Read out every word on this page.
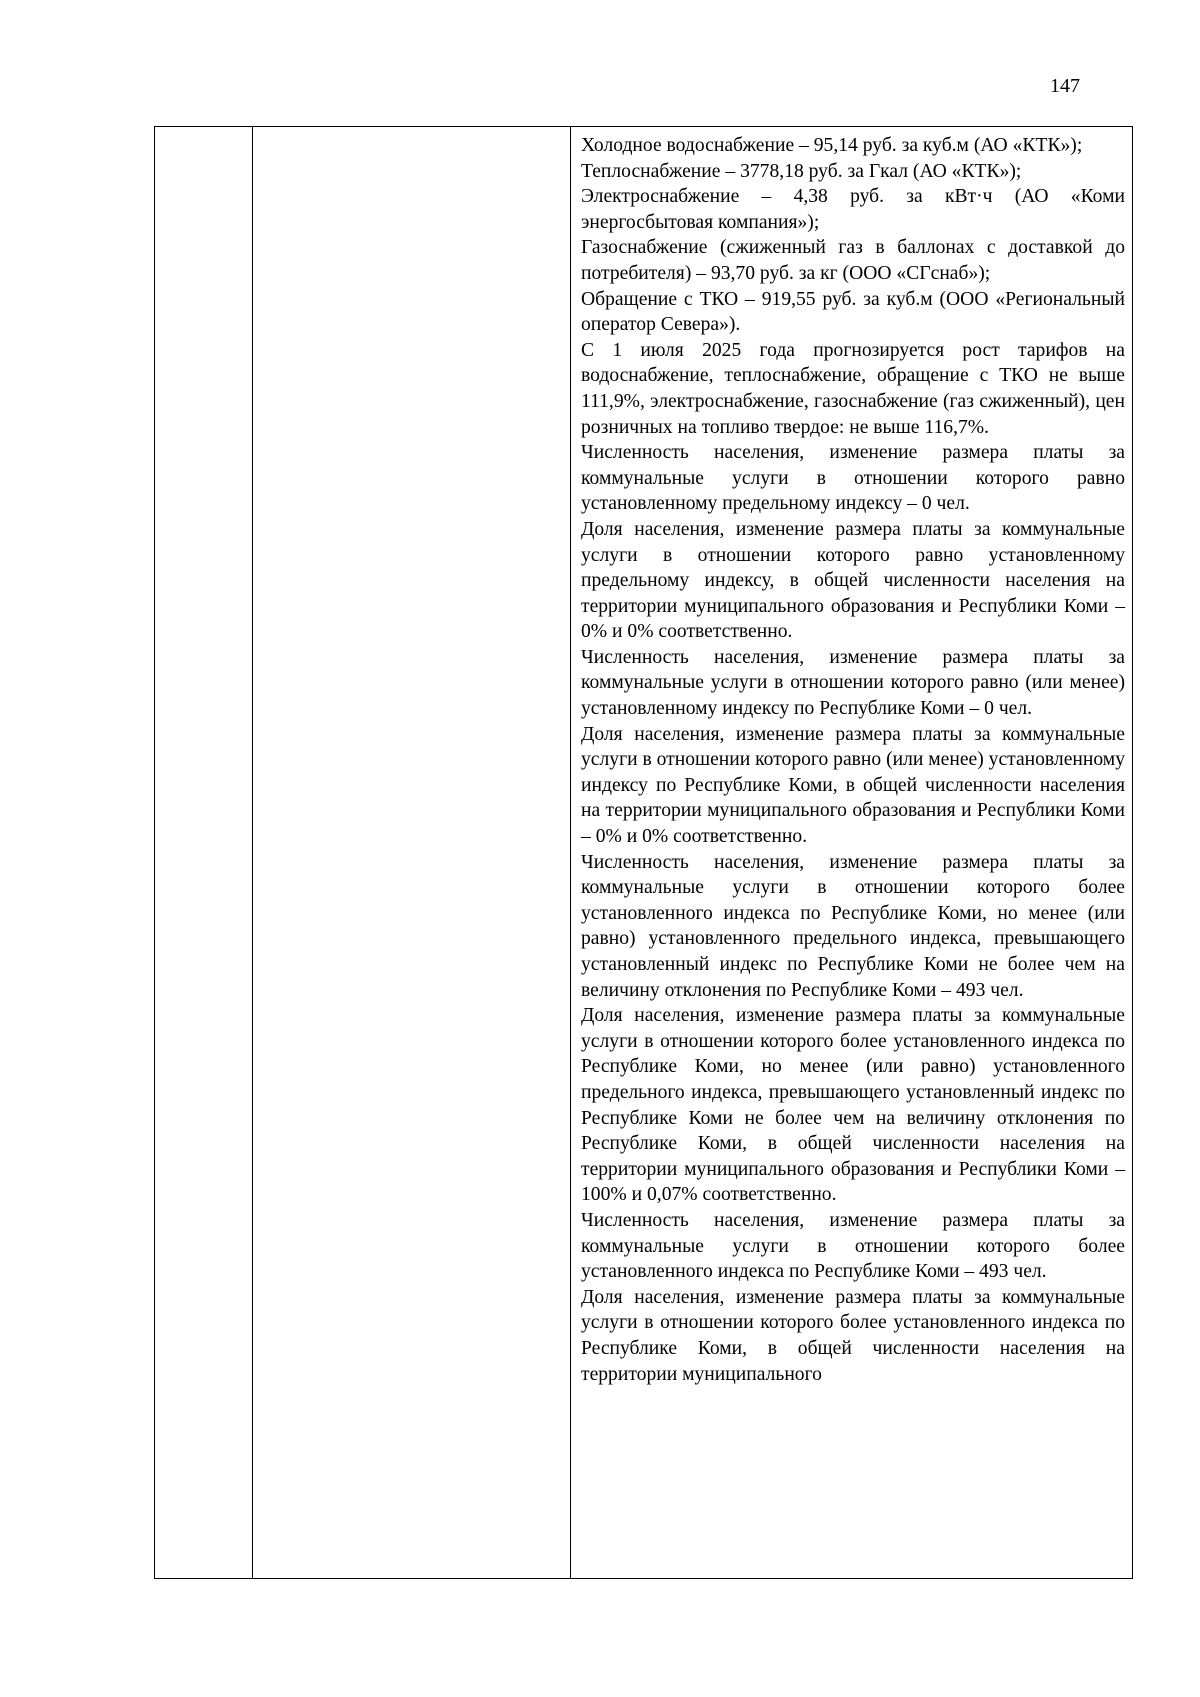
147

Холодное водоснабжение – 95,14 руб. за куб.м (АО «КТК»);

Теплоснабжение – 3778,18 руб. за Гкал (АО «КТК»);

Электроснабжение – 4,38 руб. за кВт·ч (АО «Коми энергосбытовая компания»);

Газоснабжение (сжиженный газ в баллонах с доставкой до потребителя) – 93,70 руб. за кг (ООО «СГснаб»);

Обращение с ТКО – 919,55 руб. за куб.м (ООО «Региональный оператор Севера»).

С 1 июля 2025 года прогнозируется рост тарифов на водоснабжение, теплоснабжение, обращение с ТКО не выше 111,9%, электроснабжение, газоснабжение (газ сжиженный), цен розничных на топливо твердое: не выше 116,7%.

Численность населения, изменение размера платы за коммунальные услуги в отношении которого равно установленному предельному индексу – 0 чел.

Доля населения, изменение размера платы за коммунальные услуги в отношении которого равно установленному предельному индексу, в общей численности населения на территории муниципального образования и Республики Коми – 0% и 0% соответственно.

Численность населения, изменение размера платы за коммунальные услуги в отношении которого равно (или менее) установленному индексу по Республике Коми – 0 чел.

Доля населения, изменение размера платы за коммунальные услуги в отношении которого равно (или менее) установленному индексу по Республике Коми, в общей численности населения на территории муниципального образования и Республики Коми – 0% и 0% соответственно.

Численность населения, изменение размера платы за коммунальные услуги в отношении которого более установленного индекса по Республике Коми, но менее (или равно) установленного предельного индекса, превышающего установленный индекс по Республике Коми не более чем на величину отклонения по Республике Коми – 493 чел.

Доля населения, изменение размера платы за коммунальные услуги в отношении которого более установленного индекса по Республике Коми, но менее (или равно) установленного предельного индекса, превышающего установленный индекс по Республике Коми не более чем на величину отклонения по Республике Коми, в общей численности населения на территории муниципального образования и Республики Коми – 100% и 0,07% соответственно.

Численность населения, изменение размера платы за коммунальные услуги в отношении которого более установленного индекса по Республике Коми – 493 чел.

Доля населения, изменение размера платы за коммунальные услуги в отношении которого более установленного индекса по Республике Коми, в общей численности населения на территории муниципального
